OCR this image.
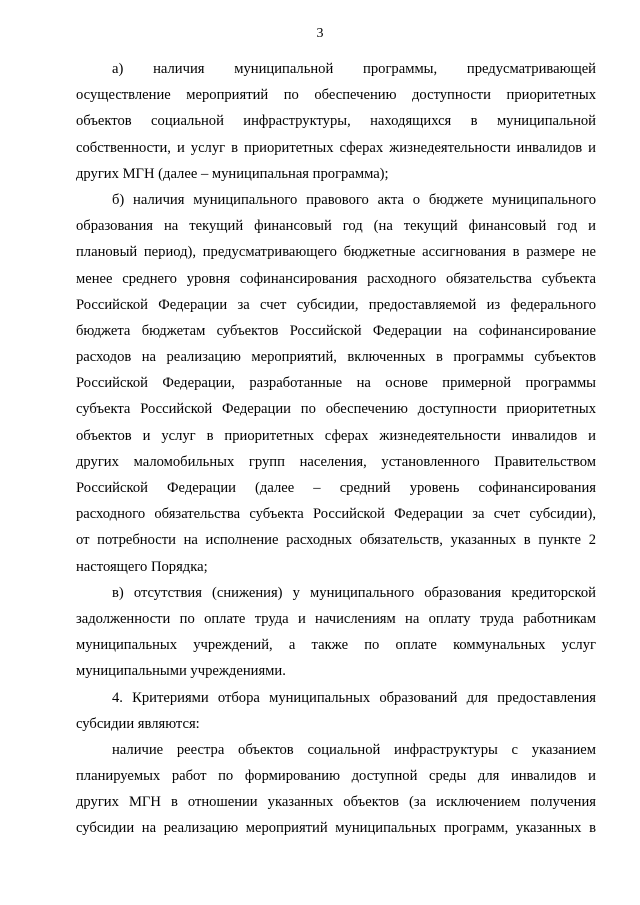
3
а) наличия муниципальной программы, предусматривающей
осуществление мероприятий по обеспечению доступности приоритетных
объектов социальной инфраструктуры, находящихся в муниципальной
собственности, и услуг в приоритетных сферах жизнедеятельности инвалидов и
других МГН (далее – муниципальная программа);
б) наличия муниципального правового акта о бюджете муниципального
образования на текущий финансовый год (на текущий финансовый год и
плановый период), предусматривающего бюджетные ассигнования в размере не
менее среднего уровня софинансирования расходного обязательства субъекта
Российской Федерации за счет субсидии, предоставляемой из федерального
бюджета бюджетам субъектов Российской Федерации на софинансирование
расходов на реализацию мероприятий, включенных в программы субъектов
Российской Федерации, разработанные на основе примерной программы
субъекта Российской Федерации по обеспечению доступности приоритетных
объектов и услуг в приоритетных сферах жизнедеятельности инвалидов и
других маломобильных групп населения, установленного Правительством
Российской Федерации (далее – средний уровень софинансирования
расходного обязательства субъекта Российской Федерации за счет субсидии),
от потребности на исполнение расходных обязательств, указанных в пункте 2
настоящего Порядка;
в) отсутствия (снижения) у муниципального образования кредиторской
задолженности по оплате труда и начислениям на оплату труда работникам
муниципальных учреждений, а также по оплате коммунальных услуг
муниципальными учреждениями.
4. Критериями отбора муниципальных образований для предоставления
субсидии являются:
наличие реестра объектов социальной инфраструктуры с указанием
планируемых работ по формированию доступной среды для инвалидов и
других МГН в отношении указанных объектов (за исключением получения
субсидии на реализацию мероприятий муниципальных программ, указанных в
